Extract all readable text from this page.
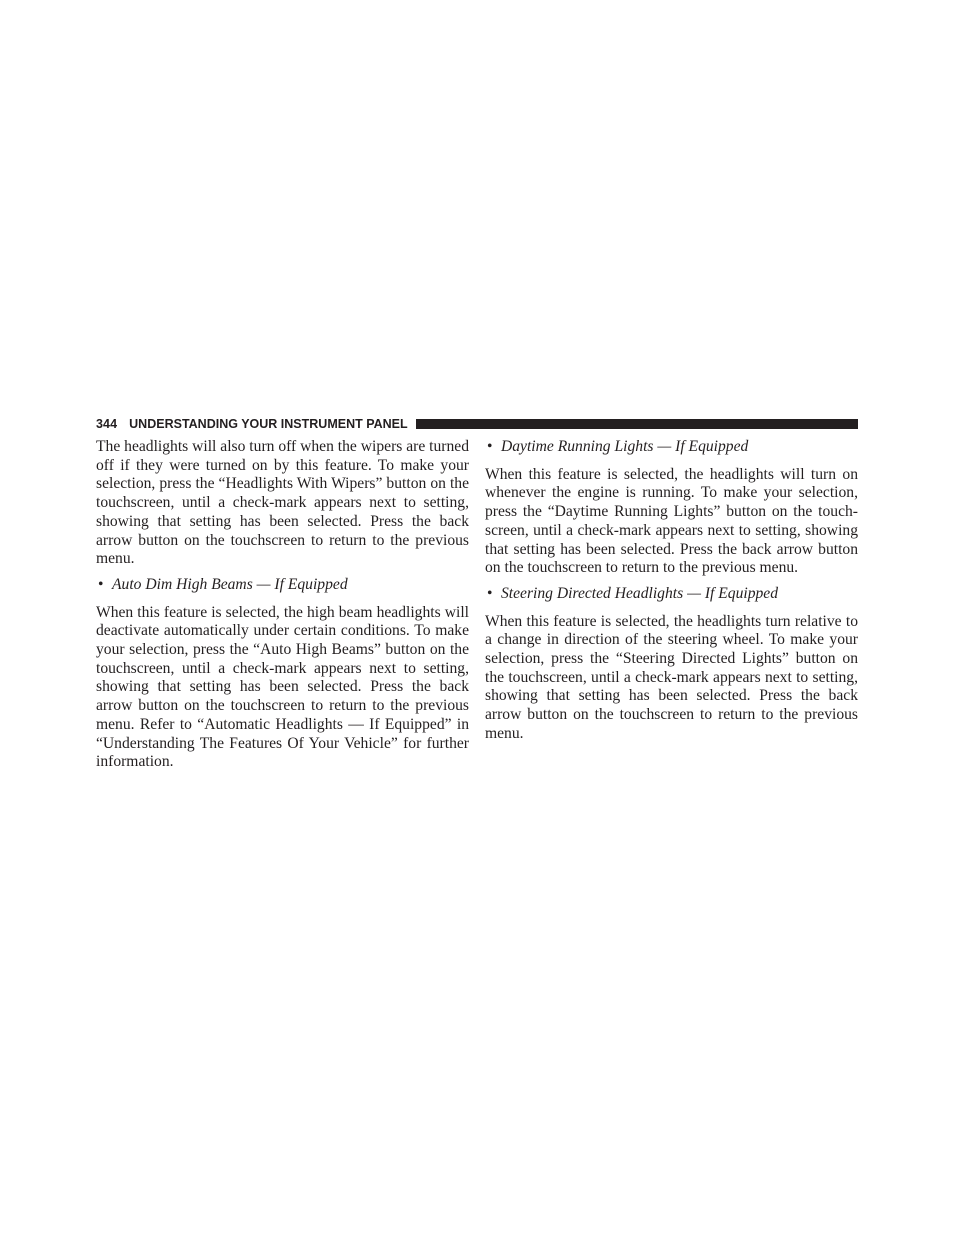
344 UNDERSTANDING YOUR INSTRUMENT PANEL

The headlights will also turn off when the wipers are turned off if they were turned on by this feature. To make your selection, press the “Headlights With Wipers” button on the touchscreen, until a check-mark appears next to setting, showing that setting has been selected. Press the back arrow button on the touchscreen to return to the previous menu.

• Auto Dim High Beams — If Equipped

When this feature is selected, the high beam headlights will deactivate automatically under certain conditions. To make your selection, press the “Auto High Beams” button on the touchscreen, until a check-mark appears next to setting, showing that setting has been selected. Press the back arrow button on the touchscreen to return to the previous menu. Refer to “Automatic Headlights — If Equipped” in “Understanding The Features Of Your Vehicle” for further information.

• Daytime Running Lights — If Equipped

When this feature is selected, the headlights will turn on whenever the engine is running. To make your selection, press the “Daytime Running Lights” button on the touchscreen, until a check-mark appears next to setting, showing that setting has been selected. Press the back arrow button on the touchscreen to return to the previous menu.

• Steering Directed Headlights — If Equipped

When this feature is selected, the headlights turn relative to a change in direction of the steering wheel. To make your selection, press the “Steering Directed Lights” button on the touchscreen, until a check-mark appears next to setting, showing that setting has been selected. Press the back arrow button on the touchscreen to return to the previous menu.
